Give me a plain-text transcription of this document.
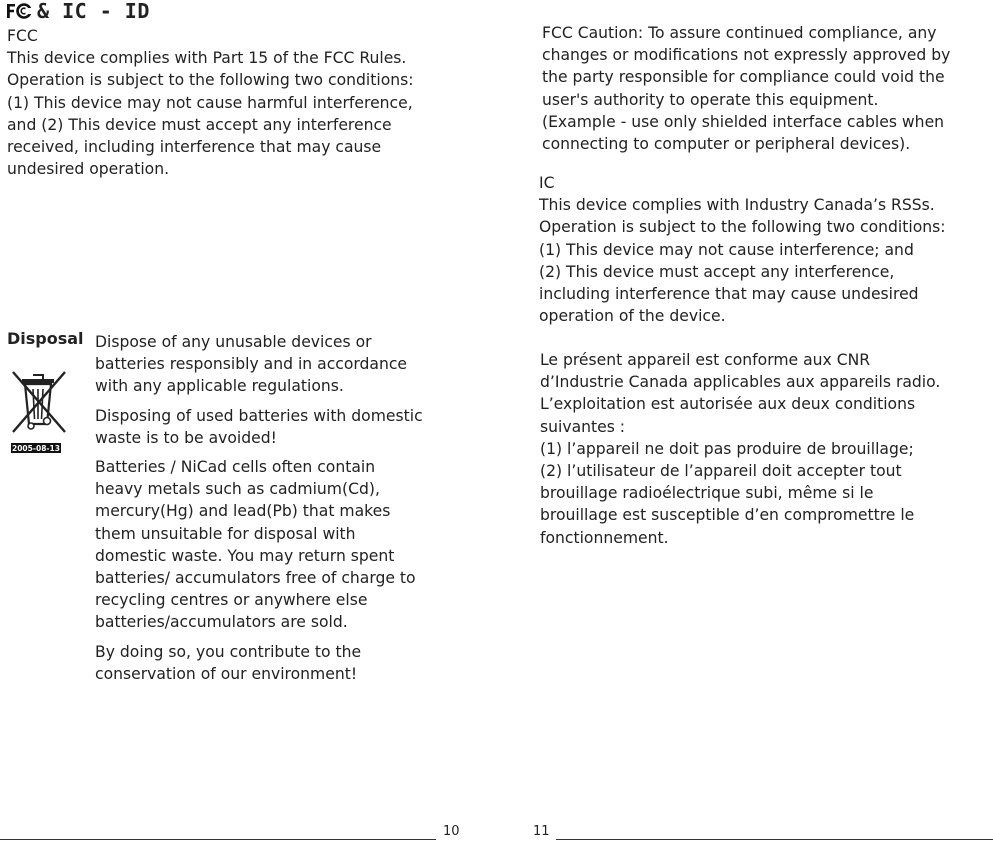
& IC - ID

FCC

This device complies with Part 15 of the FCC Rules.

Operation is subject to the following two conditions:

(1) This device may not cause harmful interference,

and (2) This device must accept any interference

received, including interference that may cause

undesired operation.

FCC Caution: To assure continued compliance, any

changes or modifications not expressly approved by

the party responsible for compliance could void the

user's authority to operate this equipment.

(Example - use only shielded interface cables when

connecting to computer or peripheral devices).

IC

This device complies with Industry Canada’s RSSs.

Operation is subject to the following two conditions:

(1) This device may not cause interference; and

(2) This device must accept any interference,

including interference that may cause undesired

operation of the device.

Le présent appareil est conforme aux CNR

d’Industrie Canada applicables aux appareils radio.

L’exploitation est autorisée aux deux conditions

suivantes :

(1) l’appareil ne doit pas produire de brouillage;

(2) l’utilisateur de l’appareil doit accepter tout

brouillage radioélectrique subi, même si le

brouillage est susceptible d’en compromettre le

fonctionnement.

Disposal
2005-08-13

Dispose of any unusable devices or

batteries responsibly and in accordance

with any applicable regulations.

Disposing of used batteries with domestic

waste is to be avoided!

Batteries / NiCad cells often contain

heavy metals such as cadmium(Cd),

mercury(Hg) and lead(Pb) that makes

them unsuitable for disposal with

domestic waste. You may return spent

batteries/ accumulators free of charge to

recycling centres or anywhere else

batteries/accumulators are sold.

By doing so, you contribute to the

conservation of our environment!

10	11
